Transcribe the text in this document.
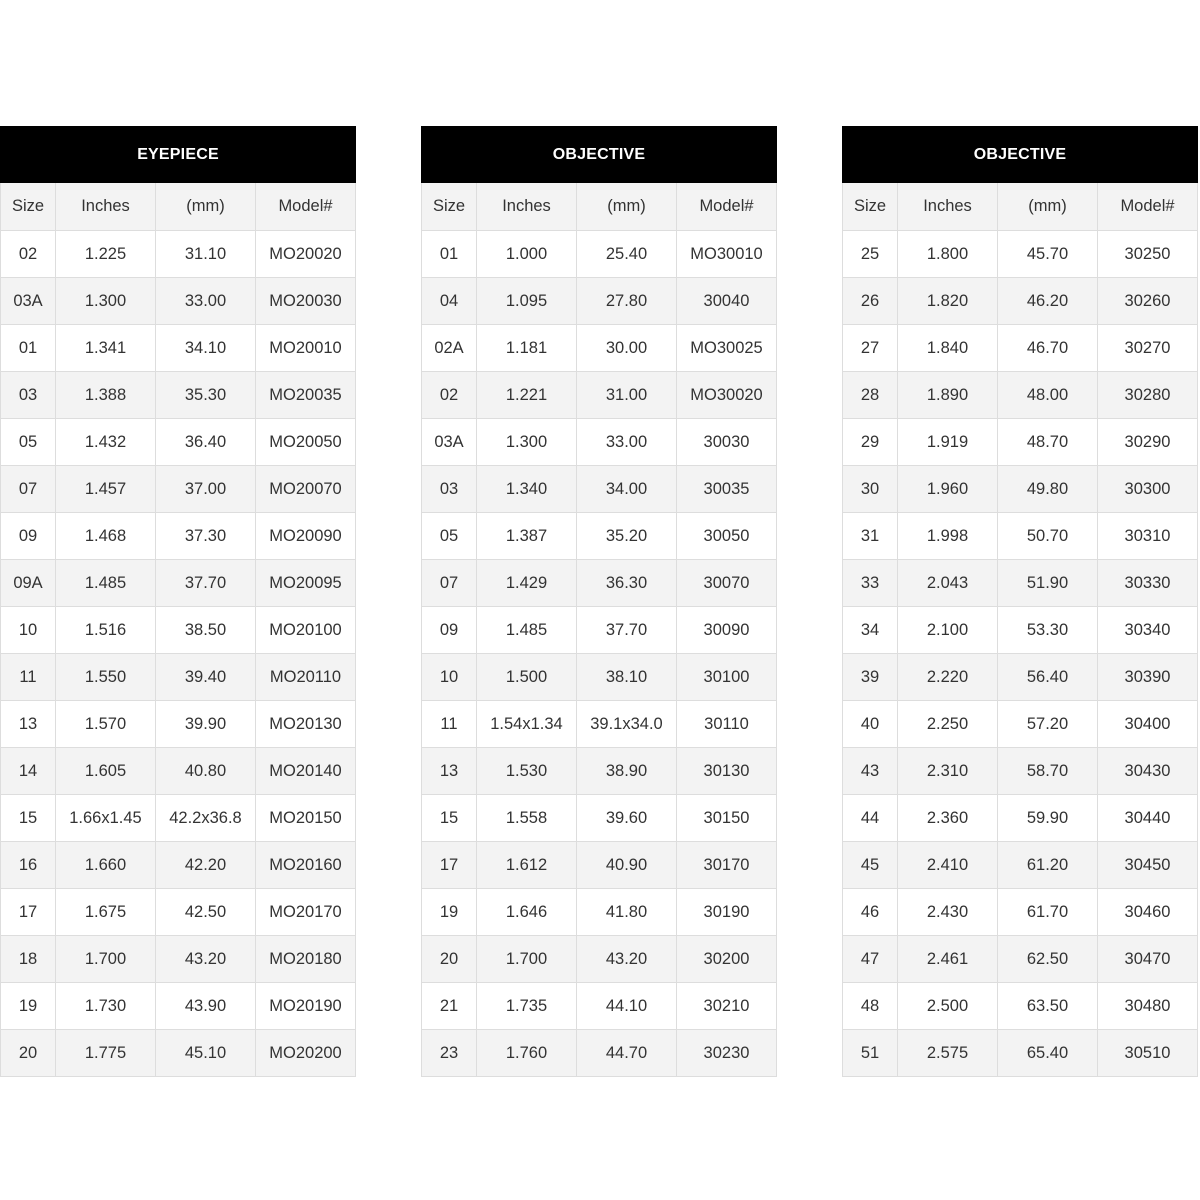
EYEPIECE			
Size	Inches	(mm)	Model#
02	1.225	31.10	MO20020
03A	1.300	33.00	MO20030
01	1.341	34.10	MO20010
03	1.388	35.30	MO20035
05	1.432	36.40	MO20050
07	1.457	37.00	MO20070
09	1.468	37.30	MO20090
09A	1.485	37.70	MO20095
10	1.516	38.50	MO20100
11	1.550	39.40	MO20110
13	1.570	39.90	MO20130
14	1.605	40.80	MO20140
15	1.66x1.45	42.2x36.8	MO20150
16	1.660	42.20	MO20160
17	1.675	42.50	MO20170
18	1.700	43.20	MO20180
19	1.730	43.90	MO20190
20	1.775	45.10	MO20200
OBJECTIVE			
Size	Inches	(mm)	Model#
01	1.000	25.40	MO30010
04	1.095	27.80	30040
02A	1.181	30.00	MO30025
02	1.221	31.00	MO30020
03A	1.300	33.00	30030
03	1.340	34.00	30035
05	1.387	35.20	30050
07	1.429	36.30	30070
09	1.485	37.70	30090
10	1.500	38.10	30100
11	1.54x1.34	39.1x34.0	30110
13	1.530	38.90	30130
15	1.558	39.60	30150
17	1.612	40.90	30170
19	1.646	41.80	30190
20	1.700	43.20	30200
21	1.735	44.10	30210
23	1.760	44.70	30230
OBJECTIVE			
Size	Inches	(mm)	Model#
25	1.800	45.70	30250
26	1.820	46.20	30260
27	1.840	46.70	30270
28	1.890	48.00	30280
29	1.919	48.70	30290
30	1.960	49.80	30300
31	1.998	50.70	30310
33	2.043	51.90	30330
34	2.100	53.30	30340
39	2.220	56.40	30390
40	2.250	57.20	30400
43	2.310	58.70	30430
44	2.360	59.90	30440
45	2.410	61.20	30450
46	2.430	61.70	30460
47	2.461	62.50	30470
48	2.500	63.50	30480
51	2.575	65.40	30510
